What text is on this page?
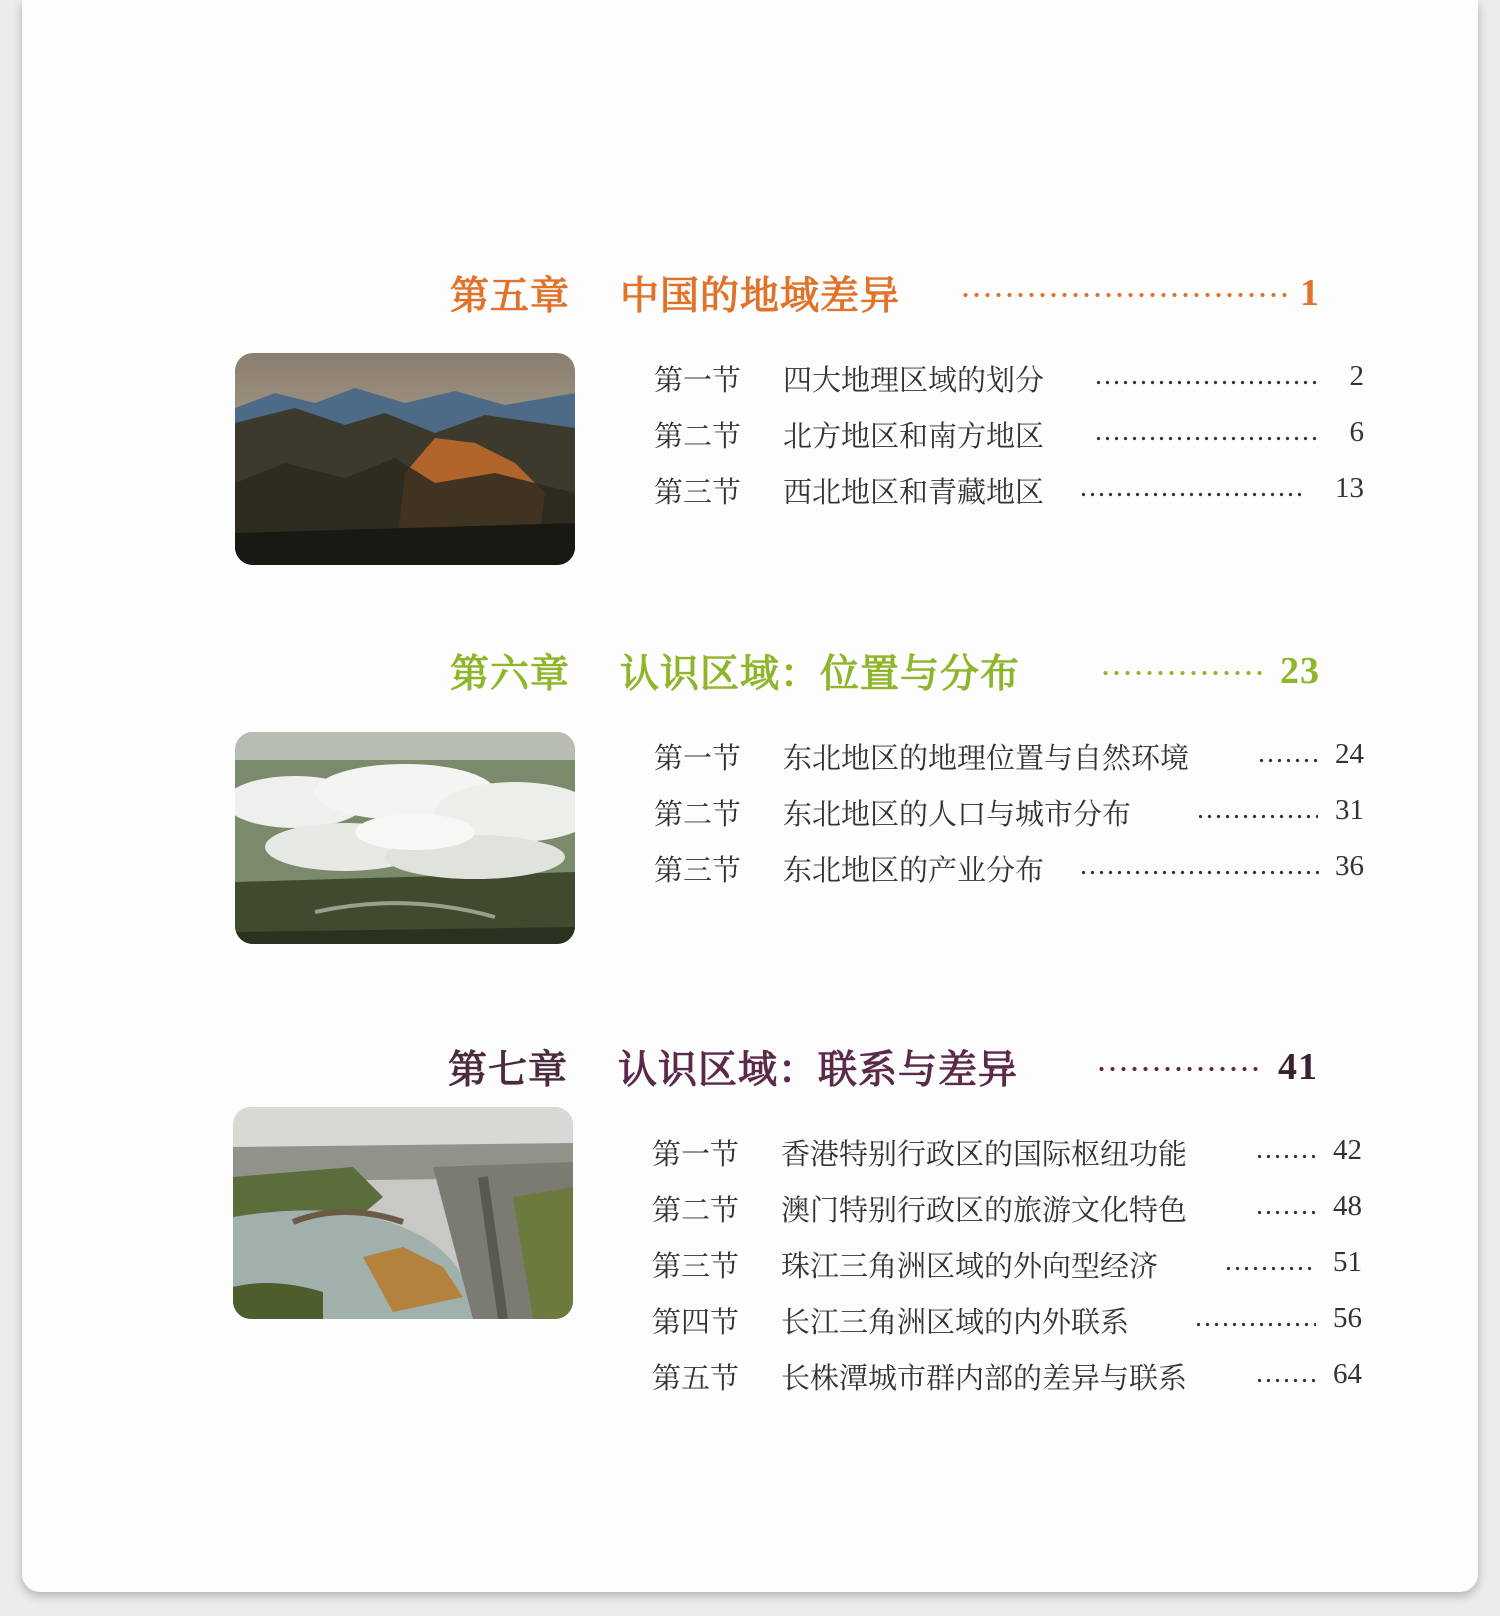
第五章 中国的地域差异	1
第一节 四大地理区域的划分	2
第二节 北方地区和南方地区	6
第三节 西北地区和青藏地区	13
第六章 认识区域：位置与分布	23
第一节 东北地区的地理位置与自然环境	24
第二节 东北地区的人口与城市分布	31
第三节 东北地区的产业分布	36
第七章 认识区域：联系与差异	41
第一节 香港特别行政区的国际枢纽功能	42
第二节 澳门特别行政区的旅游文化特色	48
第三节 珠江三角洲区域的外向型经济	51
第四节 长江三角洲区域的内外联系	56
第五节 长株潭城市群内部的差异与联系	64
